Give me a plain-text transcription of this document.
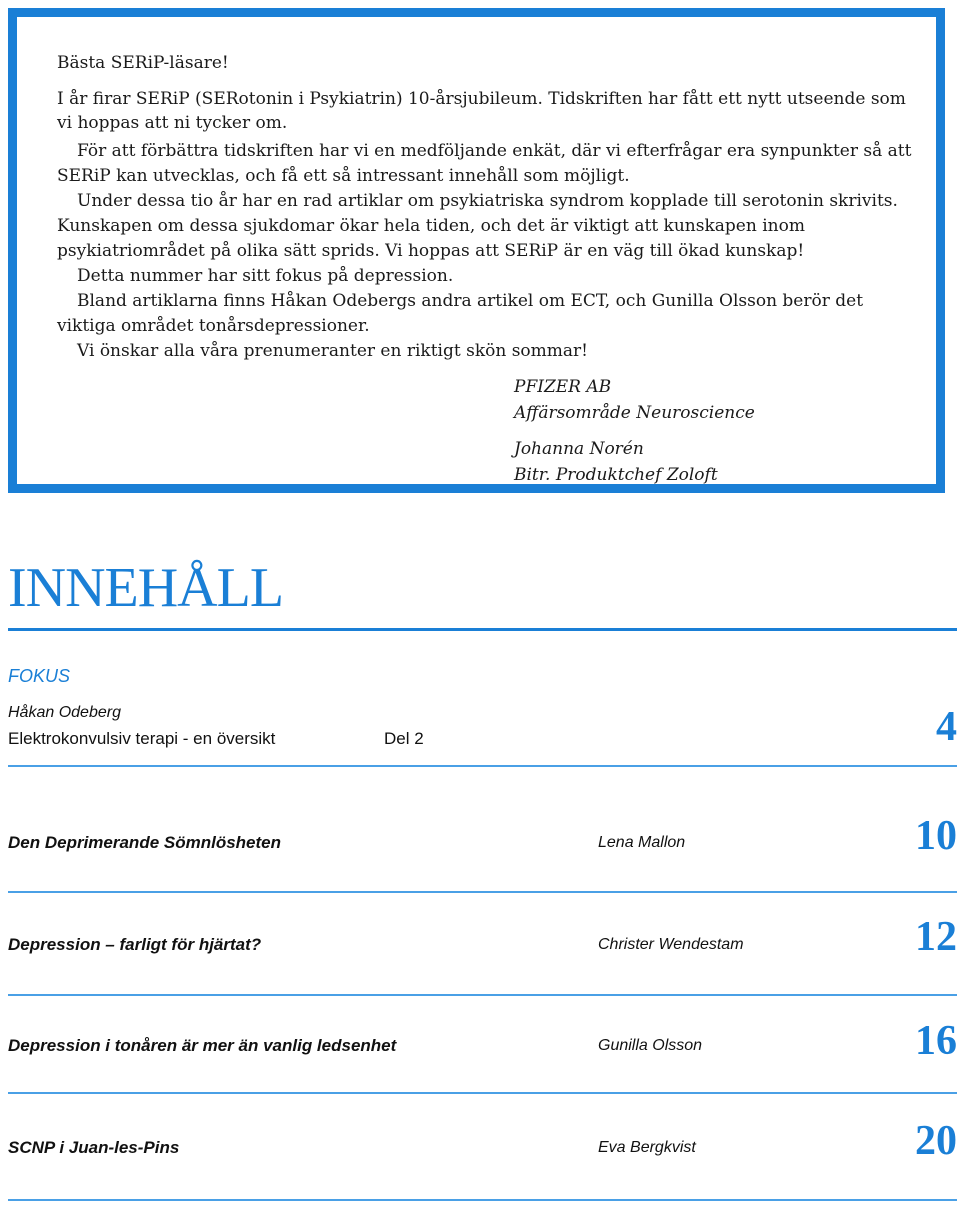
Bästa SERiP-läsare!
I år firar SERiP (SERotonin i Psykiatrin) 10-årsjubileum. Tidskriften har fått ett nytt utseende som
vi hoppas att ni tycker om.
För att förbättra tidskriften har vi en medföljande enkät, där vi efterfrågar era synpunkter så att
SERiP kan utvecklas, och få ett så intressant innehåll som möjligt.
Under dessa tio år har en rad artiklar om psykiatriska syndrom kopplade till serotonin skrivits.
Kunskapen om dessa sjukdomar ökar hela tiden, och det är viktigt att kunskapen inom
psykiatriområdet på olika sätt sprids. Vi hoppas att SERiP är en väg till ökad kunskap!
Detta nummer har sitt fokus på depression.
Bland artiklarna finns Håkan Odebergs andra artikel om ECT, och Gunilla Olsson berör det
viktiga området tonårsdepressioner.
Vi önskar alla våra prenumeranter en riktigt skön sommar!
PFIZER AB
Affärsområde Neuroscience
Johanna Norén
Bitr. Produktchef Zoloft
INNEHÅLL
FOKUS
Håkan Odeberg
Elektrokonvulsiv terapi - en översikt	Del 2	4
Den Deprimerande Sömnlösheten	Lena Mallon	10
Depression – farligt för hjärtat?	Christer Wendestam	12
Depression i tonåren är mer än vanlig ledsenhet	Gunilla Olsson	16
SCNP i Juan-les-Pins	Eva Bergkvist	20
